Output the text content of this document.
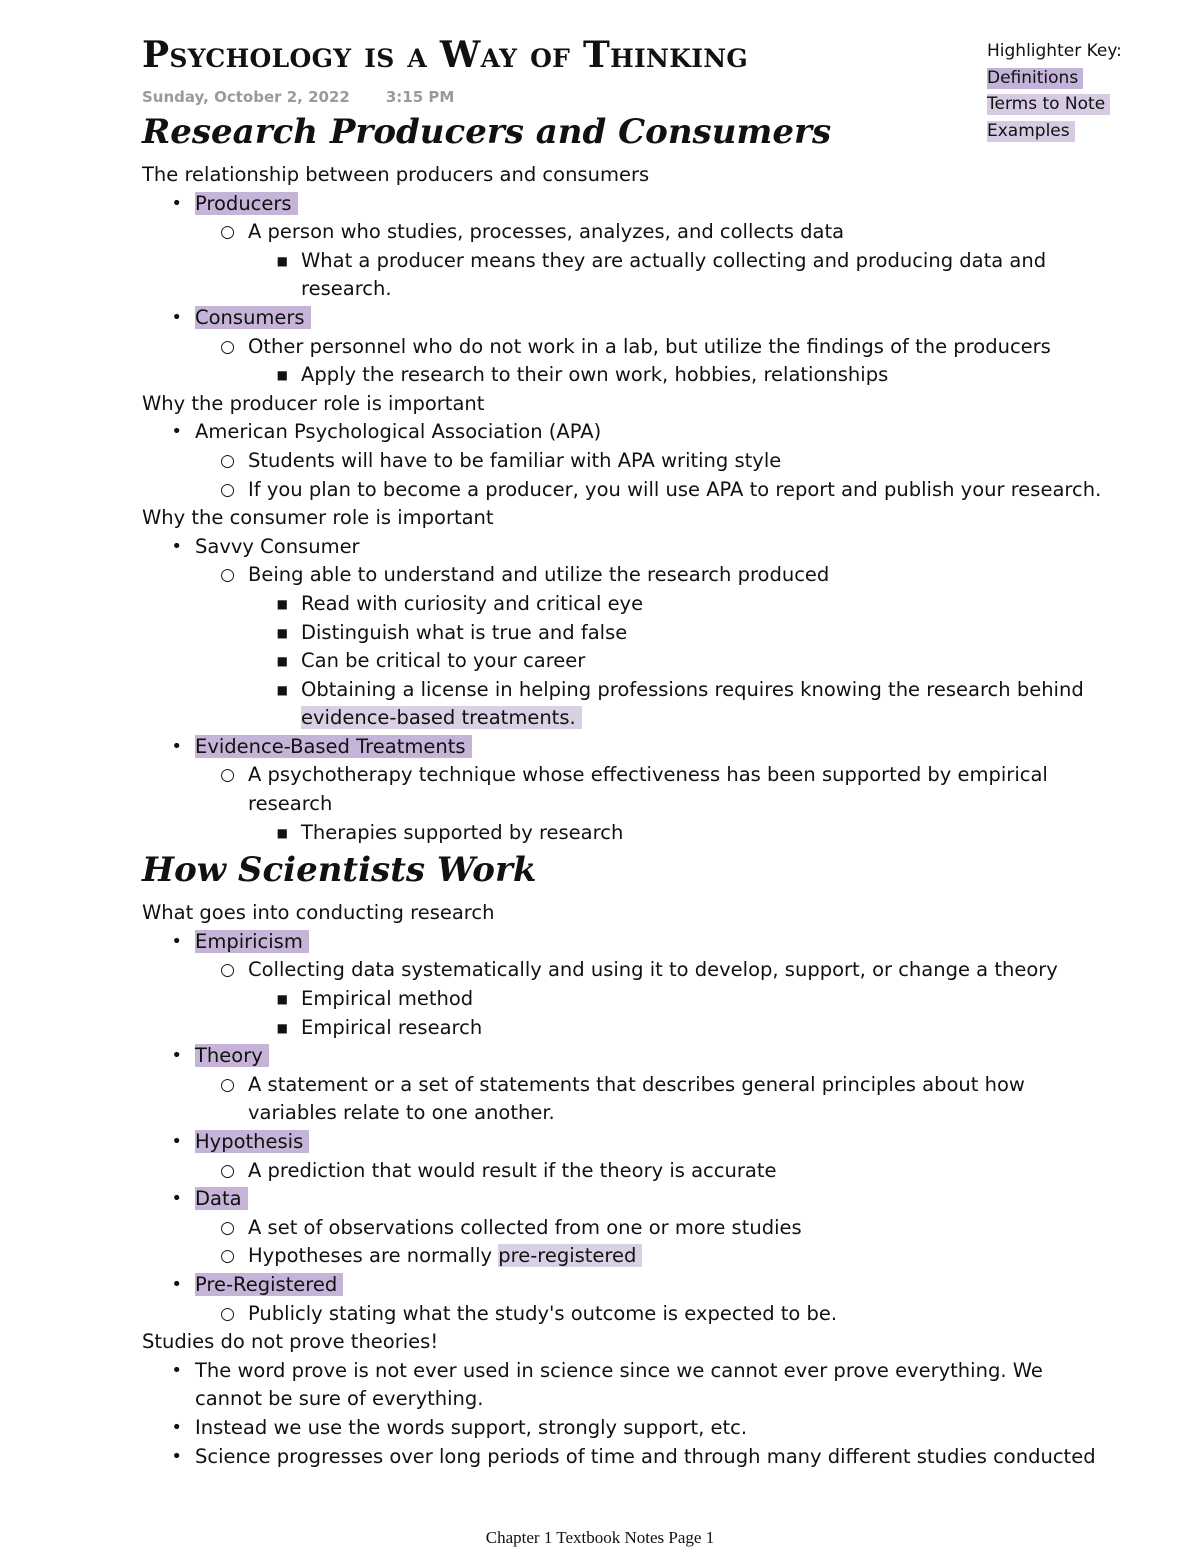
Psychology is a Way of Thinking
Sunday, October 2, 2022 3:15 PM
Highlighter Key:
Definitions
Terms to Note
Examples
Research Producers and Consumers
The relationship between producers and consumers
• Producers
○ A person who studies, processes, analyzes, and collects data
■ What a producer means they are actually collecting and producing data and
research.
• Consumers
○ Other personnel who do not work in a lab, but utilize the findings of the producers
■ Apply the research to their own work, hobbies, relationships
Why the producer role is important
• American Psychological Association (APA)
○ Students will have to be familiar with APA writing style
○ If you plan to become a producer, you will use APA to report and publish your research.
Why the consumer role is important
• Savvy Consumer
○ Being able to understand and utilize the research produced
■ Read with curiosity and critical eye
■ Distinguish what is true and false
■ Can be critical to your career
■ Obtaining a license in helping professions requires knowing the research behind
evidence-based treatments.
• Evidence-Based Treatments
○ A psychotherapy technique whose effectiveness has been supported by empirical
research
■ Therapies supported by research
How Scientists Work
What goes into conducting research
• Empiricism
○ Collecting data systematically and using it to develop, support, or change a theory
■ Empirical method
■ Empirical research
• Theory
○ A statement or a set of statements that describes general principles about how
variables relate to one another.
• Hypothesis
○ A prediction that would result if the theory is accurate
• Data
○ A set of observations collected from one or more studies
○ Hypotheses are normally pre-registered
• Pre-Registered
○ Publicly stating what the study's outcome is expected to be.
Studies do not prove theories!
• The word prove is not ever used in science since we cannot ever prove everything. We
cannot be sure of everything.
• Instead we use the words support, strongly support, etc.
• Science progresses over long periods of time and through many different studies conducted
Chapter 1 Textbook Notes Page 1
